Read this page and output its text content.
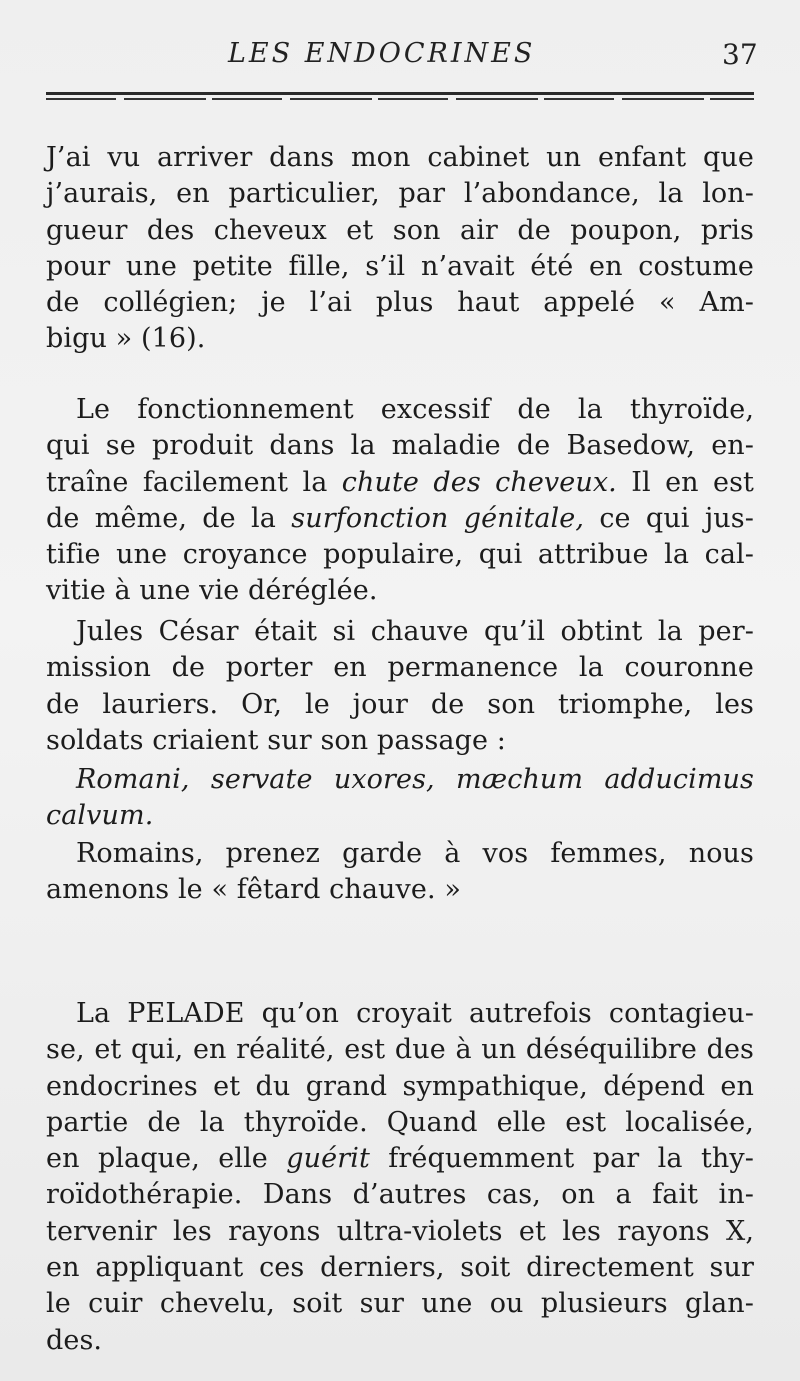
LES ENDOCRINES	37
J’ai vu arriver dans mon cabinet un enfant que
j’aurais, en particulier, par l’abondance, la lon-
gueur des cheveux et son air de poupon, pris
pour une petite fille, s’il n’avait été en costume
de collégien; je l’ai plus haut appelé « Am-
bigu » (16).
Le fonctionnement excessif de la thyroïde,
qui se produit dans la maladie de Basedow, en-
traîne facilement la chute des cheveux. Il en est
de même, de la surfonction génitale, ce qui jus-
tifie une croyance populaire, qui attribue la cal-
vitie à une vie déréglée.
Jules César était si chauve qu’il obtint la per-
mission de porter en permanence la couronne
de lauriers. Or, le jour de son triomphe, les
soldats criaient sur son passage :
Romani, servate uxores, mæchum adducimus
calvum.
Romains, prenez garde à vos femmes, nous
amenons le « fêtard chauve. »
La PELADE qu’on croyait autrefois contagieu-
se, et qui, en réalité, est due à un déséquilibre des
endocrines et du grand sympathique, dépend en
partie de la thyroïde. Quand elle est localisée,
en plaque, elle guérit fréquemment par la thy-
roïdothérapie. Dans d’autres cas, on a fait in-
tervenir les rayons ultra-violets et les rayons X,
en appliquant ces derniers, soit directement sur
le cuir chevelu, soit sur une ou plusieurs glan-
des.
